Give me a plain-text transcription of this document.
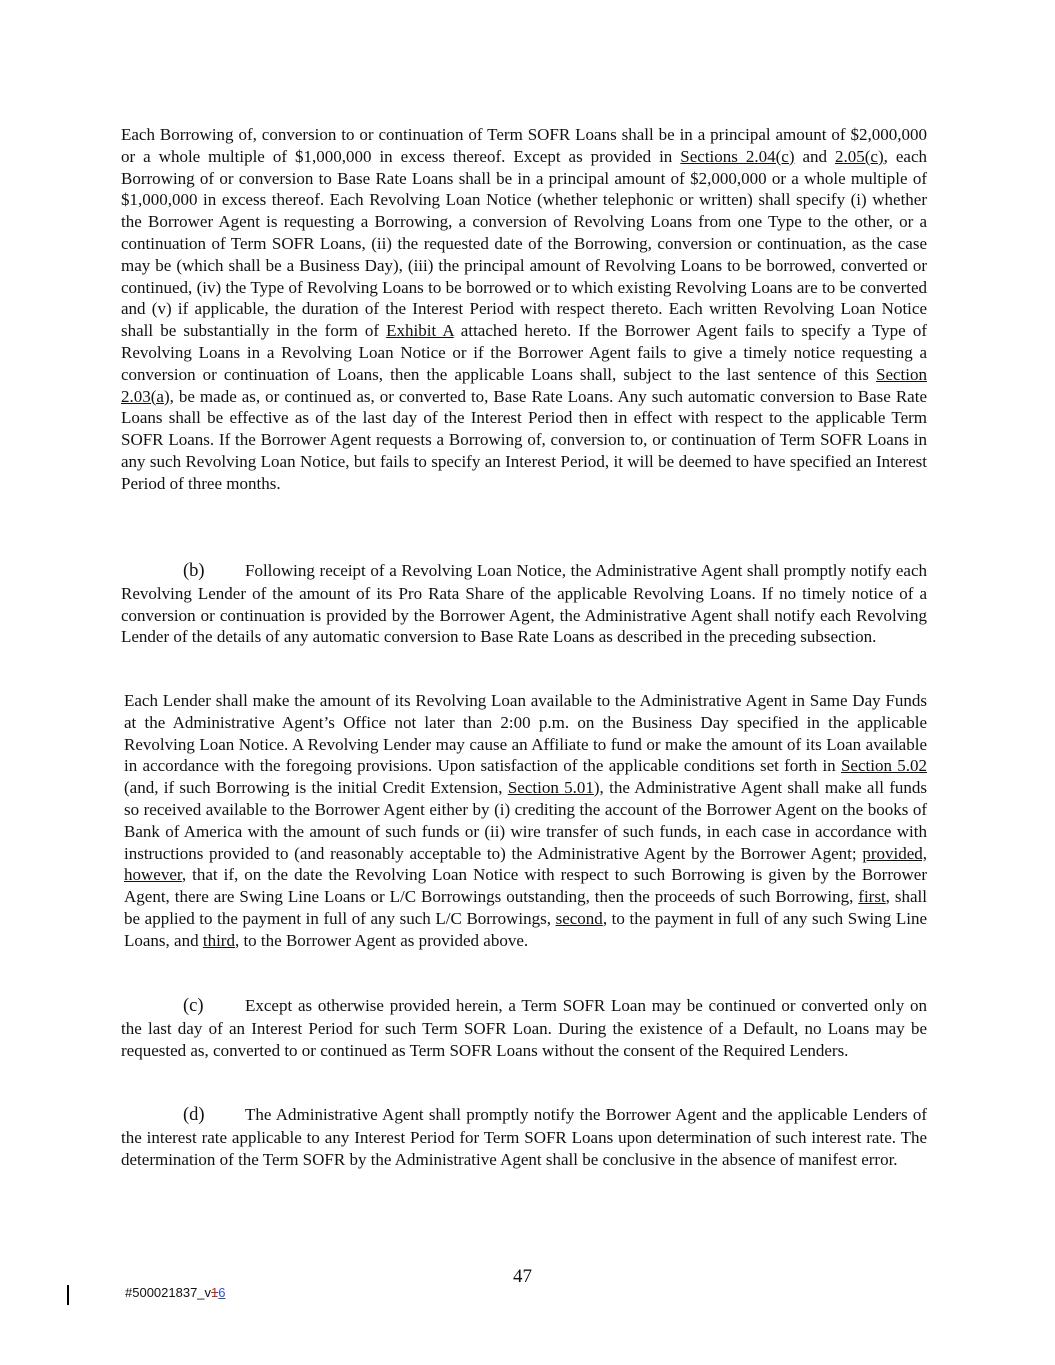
Each Borrowing of, conversion to or continuation of Term SOFR Loans shall be in a principal amount of $2,000,000 or a whole multiple of $1,000,000 in excess thereof. Except as provided in Sections 2.04(c) and 2.05(c), each Borrowing of or conversion to Base Rate Loans shall be in a principal amount of $2,000,000 or a whole multiple of $1,000,000 in excess thereof. Each Revolving Loan Notice (whether telephonic or written) shall specify (i) whether the Borrower Agent is requesting a Borrowing, a conversion of Revolving Loans from one Type to the other, or a continuation of Term SOFR Loans, (ii) the requested date of the Borrowing, conversion or continuation, as the case may be (which shall be a Business Day), (iii) the principal amount of Revolving Loans to be borrowed, converted or continued, (iv) the Type of Revolving Loans to be borrowed or to which existing Revolving Loans are to be converted and (v) if applicable, the duration of the Interest Period with respect thereto. Each written Revolving Loan Notice shall be substantially in the form of Exhibit A attached hereto. If the Borrower Agent fails to specify a Type of Revolving Loans in a Revolving Loan Notice or if the Borrower Agent fails to give a timely notice requesting a conversion or continuation of Loans, then the applicable Loans shall, subject to the last sentence of this Section 2.03(a), be made as, or continued as, or converted to, Base Rate Loans. Any such automatic conversion to Base Rate Loans shall be effective as of the last day of the Interest Period then in effect with respect to the applicable Term SOFR Loans. If the Borrower Agent requests a Borrowing of, conversion to, or continuation of Term SOFR Loans in any such Revolving Loan Notice, but fails to specify an Interest Period, it will be deemed to have specified an Interest Period of three months.

(b) Following receipt of a Revolving Loan Notice, the Administrative Agent shall promptly notify each Revolving Lender of the amount of its Pro Rata Share of the applicable Revolving Loans. If no timely notice of a conversion or continuation is provided by the Borrower Agent, the Administrative Agent shall notify each Revolving Lender of the details of any automatic conversion to Base Rate Loans as described in the preceding subsection.

Each Lender shall make the amount of its Revolving Loan available to the Administrative Agent in Same Day Funds at the Administrative Agent’s Office not later than 2:00 p.m. on the Business Day specified in the applicable Revolving Loan Notice. A Revolving Lender may cause an Affiliate to fund or make the amount of its Loan available in accordance with the foregoing provisions. Upon satisfaction of the applicable conditions set forth in Section 5.02 (and, if such Borrowing is the initial Credit Extension, Section 5.01), the Administrative Agent shall make all funds so received available to the Borrower Agent either by (i) crediting the account of the Borrower Agent on the books of Bank of America with the amount of such funds or (ii) wire transfer of such funds, in each case in accordance with instructions provided to (and reasonably acceptable to) the Administrative Agent by the Borrower Agent; provided, however, that if, on the date the Revolving Loan Notice with respect to such Borrowing is given by the Borrower Agent, there are Swing Line Loans or L/C Borrowings outstanding, then the proceeds of such Borrowing, first, shall be applied to the payment in full of any such L/C Borrowings, second, to the payment in full of any such Swing Line Loans, and third, to the Borrower Agent as provided above.

(c) Except as otherwise provided herein, a Term SOFR Loan may be continued or converted only on the last day of an Interest Period for such Term SOFR Loan. During the existence of a Default, no Loans may be requested as, converted to or continued as Term SOFR Loans without the consent of the Required Lenders.

(d) The Administrative Agent shall promptly notify the Borrower Agent and the applicable Lenders of the interest rate applicable to any Interest Period for Term SOFR Loans upon determination of such interest rate. The determination of the Term SOFR by the Administrative Agent shall be conclusive in the absence of manifest error.

47
#500021837_v16
